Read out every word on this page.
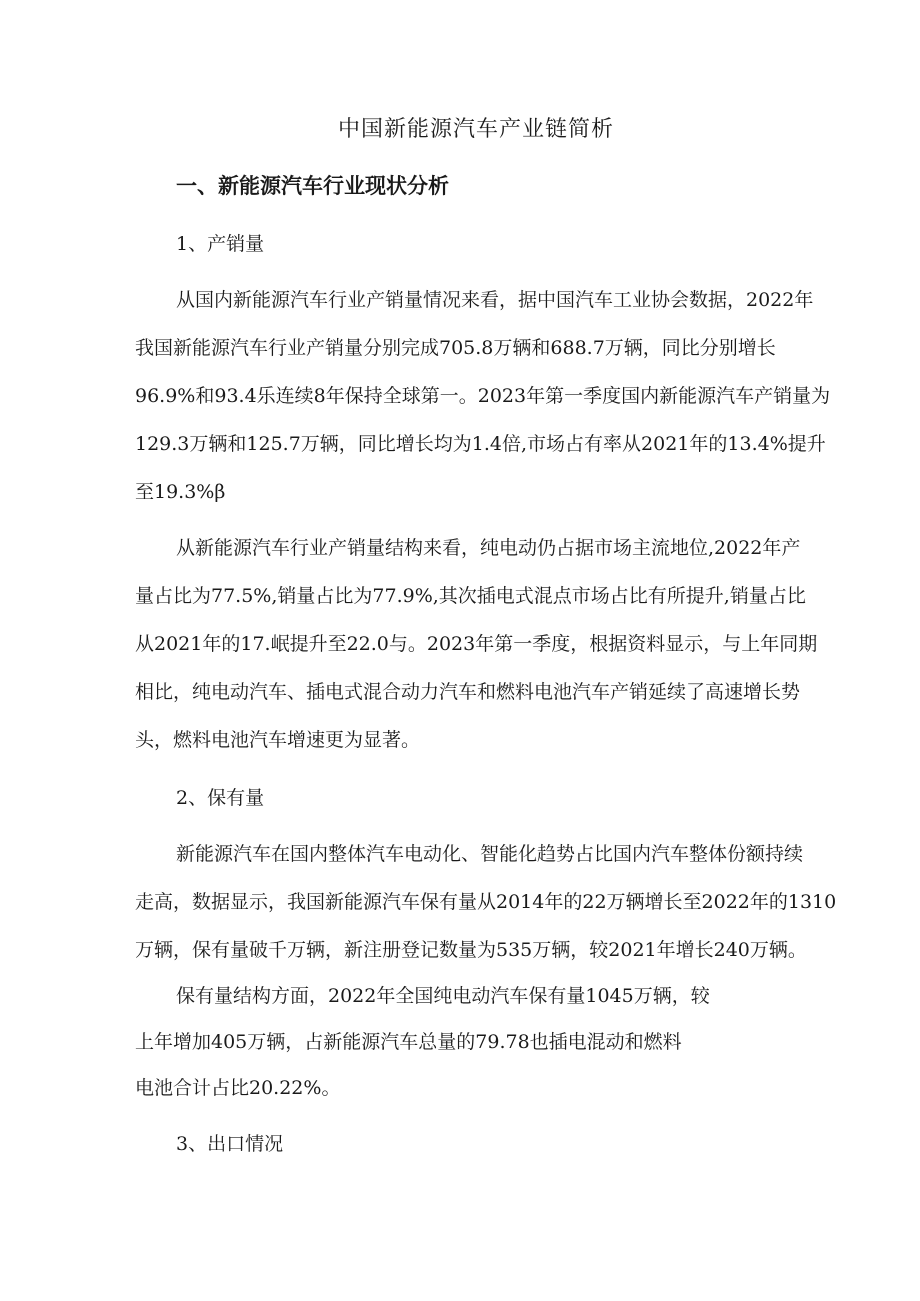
中国新能源汽车产业链简析
一、新能源汽车行业现状分析
1、产销量
从国内新能源汽车行业产销量情况来看，据中国汽车工业协会数据，2022年
我国新能源汽车行业产销量分别完成705.8万辆和688.7万辆，同比分别增长
96.9%和93.4乐连续8年保持全球第一。2023年第一季度国内新能源汽车产销量为
129.3万辆和125.7万辆，同比增长均为1.4倍,市场占有率从2021年的13.4%提升
至19.3%β
从新能源汽车行业产销量结构来看，纯电动仍占据市场主流地位,2022年产
量占比为77.5%,销量占比为77.9%,其次插电式混点市场占比有所提升,销量占比
从2021年的17.岷提升至22.0与。2023年第一季度，根据资料显示，与上年同期
相比，纯电动汽车、插电式混合动力汽车和燃料电池汽车产销延续了高速增长势
头，燃料电池汽车增速更为显著。
2、保有量
新能源汽车在国内整体汽车电动化、智能化趋势占比国内汽车整体份额持续
走高，数据显示，我国新能源汽车保有量从2014年的22万辆增长至2022年的1310
万辆，保有量破千万辆，新注册登记数量为535万辆，较2021年增长240万辆。
保有量结构方面，2022年全国纯电动汽车保有量1045万辆，较
上年增加405万辆，占新能源汽车总量的79.78也插电混动和燃料
电池合计占比20.22%。
3、出口情况
